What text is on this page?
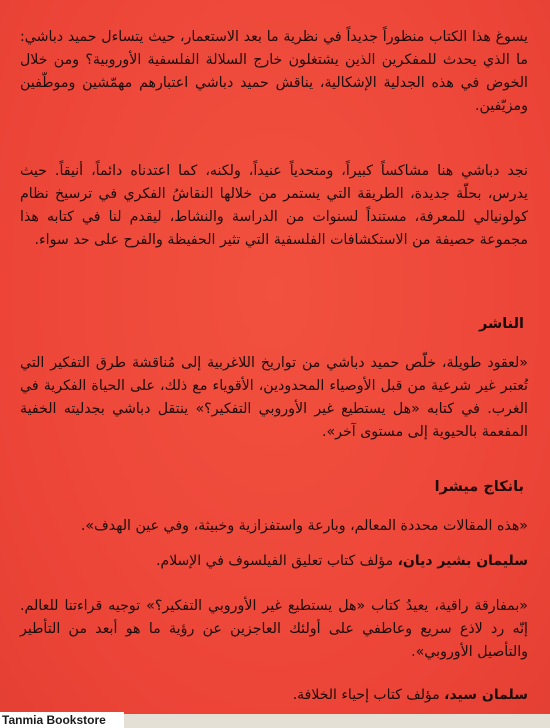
يسوغ هذا الكتاب منظوراً جديداً في نظرية ما بعد الاستعمار، حيث يتساءل حميد دباشي: ما الذي يحدث للمفكرين الذين يشتغلون خارج السلالة الفلسفية الأوروبية؟ ومن خلال الخوض في هذه الجدلية الإشكالية، يناقش حميد دباشي اعتبارهم مهمّشين وموطّفين ومزيّفين.

نجد دباشي هنا مشاكساً كبيراً، ومتحدياً عنيداً، ولكنه، كما اعتدناه دائماً، أنيقاً. حيث يدرس، بحلّة جديدة، الطريقة التي يستمر من خلالها النقاشُ الفكري في ترسيخ نظام كولونيالي للمعرفة، مستنداً لسنوات من الدراسة والنشاط، ليقدم لنا في كتابه هذا مجموعة حصيفة من الاستكشافات الفلسفية التي تثير الحفيظة والفرح على حد سواء.

الناشر

«لعقود طويلة، خلّص حميد دباشي من تواريخ اللاغربية إلى مُناقشة طرق التفكير التي تُعتبر غير شرعية من قبل الأوصياء المحدودين، الأقوياء مع ذلك، على الحياة الفكرية في الغرب. في كتابه «هل يستطيع غير الأوروبي التفكير؟» ينتقل دباشي بجدليته الخفية المفعمة بالحيوية إلى مستوى آخر».

بانكاج ميشرا

«هذه المقالات محددة المعالم، وبارعة واستفزازية وخبيثة، وفي عين الهدف».

سليمان بشير ديان، مؤلف كتاب تعليق الفيلسوف في الإسلام.

«بمفارقة راقية، يعيدُ كتاب «هل يستطيع غير الأوروبي التفكير؟» توجيه قراءتنا للعالم. إنّه رد لاذع سريع وعاطفي على أولئك العاجزين عن رؤية ما هو أبعد من التأطير والتأصيل الأوروبي».

سلمان سيد، مؤلف كتاب إحياء الخلافة.
Tanmia Bookstore
